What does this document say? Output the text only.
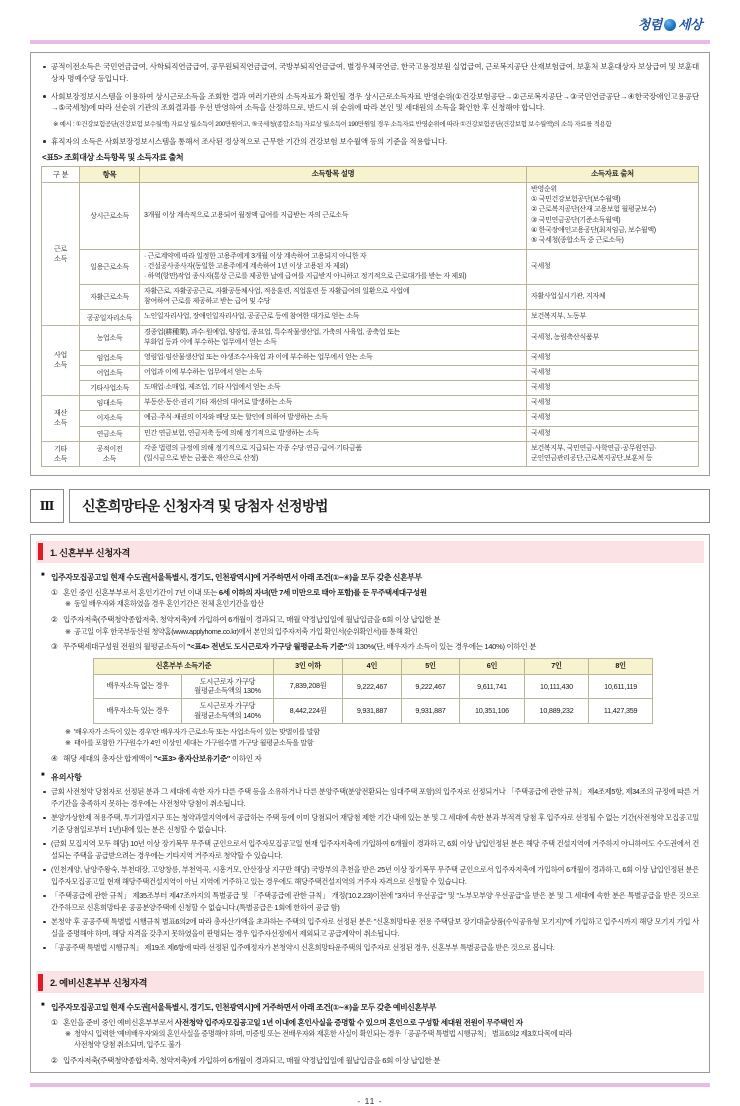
청렴 세상
공적이전소득은 국민연금급여, 사학퇴직연금급여, 공무원퇴직연금급여, 국방부퇴직연금급여, 별정우체국연금, 한국고용정보원 실업급여, 근로복지공단 산재보험급여, 보훈처 보훈대상자 보상급여 및 보훈대상자 명예수당 등입니다.
사회보장정보시스템을 이용하여 상시근로소득을 조회한 결과 여러기관의 소득자료가 확인될 경우 상시근로소득자료 반영순위(①건강보험공단→②근로복지공단→③국민연금공단→④한국장애인고용공단→⑤국세청)에 따라 선순위 기관의 조회결과를 우선 반영하여 소득을 산정하므로, 반드시 위 순위에 따라 본인 및 세대원의 소득을 확인한 후 신청해야 합니다.
※ 예시 : ①건강보험공단(건강보험 보수월액) 자료상 월소득이 200만원이고, ⑤국세청(종합소득) 자료상 월소득이 190만원일 경우 소득자료 반영순위에 따라 ①건강보험공단(건강보험 보수월액)의 소득 자료를 적용함
휴직자의 소득은 사회보장정보시스템을 통해서 조사된 정상적으로 근무한 기간의 건강보험 보수월액 등의 기준을 적용합니다.
<표5> 조회대상 소득항목 및 소득자료 출처
구 분	항목	소득항목 설명	소득자료 출처
근로
소득	상시근로소득	3개월 이상 계속적으로 고용되어 월정액 급여를 지급받는 자의 근로소득	반영순위
① 국민건강보험공단(보수월액)
② 근로복지공단(산재 고용보험 월평균보수)
③ 국민연금공단(기준소득월액)
④ 한국장애인고용공단(최저임금, 보수월액)
⑤ 국세청(종합소득 중 근로소득)
	일용근로소득	· 근로계약에 따라 일정한 고용주에게 3개월 이상 계속하여 고용되지 아니한 자
· 건설공사종사자(동일한 고용주에게 계속하여 1년 이상 고용된 자 제외)
· 하역(항만)작업 종사자(통상 근로를 제공한 날에 급여를 지급받지 아니하고 정기적으로 근로대가를 받는 자 제외)	국세청
	자활근로소득	자활근로, 자활공공근로, 자활공동체사업, 적응훈련, 직업훈련 등 자활급여의 일환으로 사업에
참여하여 근로를 제공하고 받는 급여 및 수당	자활사업실시기관, 지자체
	공공일자리소득	노인일자리사업, 장애인일자리사업, 공공근로 등에 참여한 대가로 얻는 소득	보건복지부, 노동부
사업
소득	농업소득	경종업(耕種業), 과수·원예업, 양잠업, 종묘업, 특수작물생산업, 가축의 사육업, 종축업 또는
부화업 등과 이에 부수하는 업무에서 얻는 소득	국세청, 농림축산식품부
	임업소득	영림업·임산물생산업 또는 야생조수사육업 과 이에 부수하는 업무에서 얻는 소득	국세청
	어업소득	어업과 이에 부수하는 업무에서 얻는 소득	국세청
	기타사업소득	도매업·소매업, 제조업, 기타 사업에서 얻는 소득	국세청
재산
소득	임대소득	부동산·동산·권리 기타 재산의 대여로 발생하는 소득	국세청
	이자소득	예금·주식·채권의 이자와 배당 또는 할인에 의하여 발생하는 소득	국세청
	연금소득	민간 연금보험, 연금저축 등에 의해 정기적으로 발생하는 소득	국세청
기타
소득	공적이전
소득	각종 법령의 규정에 의해 정기적으로 지급되는 각종 수당·연금·급여·기타금품
(일시금으로 받는 금품은 재산으로 산정)	보건복지부, 국민연금·사학연금·공무원연금·
군인연금관리공단,근로복지공단,보훈처 등
Ⅲ	신혼희망타운 신청자격 및 당첨자 선정방법
1. 신혼부부 신청자격
■ 입주자모집공고일 현재 수도권[서울특별시, 경기도, 인천광역시]에 거주하면서 아래 조건(①~④)을 모두 갖춘 신혼부부
① 혼인 중인 신혼부부로서 혼인기간이 7년 이내 또는 6세 이하의 자녀(만 7세 미만으로 태아 포함)를 둔 무주택세대구성원
※ 동일 배우자와 재혼하였을 경우 혼인기간은 전체 혼인기간을 합산
② 입주자저축(주택청약종합저축, 청약저축)에 가입하여 6개월이 경과되고, 매월 약정납입일에 월납입금을 6회 이상 납입한 분
※ 공고일 이후 한국부동산원 청약홈(www.applyhome.co.kr)에서 본인의 입주자저축 가입 확인서(순위확인서)를 통해 확인
③ 무주택세대구성원 전원의 월평균소득이 "<표4> 전년도 도시근로자 가구당 월평균소득 기준"의 130%(단, 배우자가 소득이 있는 경우에는 140%) 이하인 분
신혼부부 소득기준		3인 이하	4인	5인	6인	7인	8인
배우자소득 없는 경우	도시근로자 가구당
월평균소득액의 130%	7,839,208원	9,222,467	9,222,467	9,611,741	10,111,430	10,611,119
배우자소득 있는 경우	도시근로자 가구당
월평균소득액의 140%	8,442,224원	9,931,887	9,931,887	10,351,106	10,889,232	11,427,359
※ '배우자가 소득이 있는 경우'란 배우자가 근로소득 또는 사업소득이 있는 맞벌이를 말함
※ 태아를 포함한 가구원수가 4인 이상인 세대는 가구원수별 가구당 월평균소득을 말함
④ 해당 세대의 총자산 합계액이 "<표3> 총자산보유기준" 이하인 자
■ 유의사항
금회 사전청약 당첨자로 선정된 분과 그 세대에 속한 자가 다른 주택 등을 소유하거나 다른 분양주택(분양전환되는 임대주택 포함)의 입주자로 선정되거나 「주택공급에 관한 규칙」 제4조제5항, 제34조의 규정에 따른 거주기간을 충족하지 못하는 경우에는 사전청약 당첨이 취소됩니다.
분양가상한제 적용주택, 투기과열지구 또는 청약과열지역에서 공급하는 주택 등에 이미 당첨되어 재당첨 제한 기간 내에 있는 분 및 그 세대에 속한 분과 부적격 당첨 후 입주자로 선정될 수 없는 기간(사전청약 모집공고일 기준 당첨일로부터 1년)내에 있는 분은 신청할 수 없습니다.
(금회 모집지역 모두 해당) 10년 이상 장기복무 무주택 군인으로서 입주자모집공고일 현재 입주자저축에 가입하여 6개월이 경과하고, 6회 이상 납입인정된 분은 해당 주택 건설지역에 거주하지 아니하여도 수도권에서 건설되는 주택을 공급받으려는 경우에는 기타지역 거주자로 청약할 수 있습니다.
(인천계양, 남양주왕숙, 부천대장, 고양창릉, 부천역곡, 시흥거모, 안산장상 지구만 해당) 국방부의 추천을 받은 25년 이상 장기복무 무주택 군인으로서 입주자저축에 가입하여 6개월이 경과하고, 6회 이상 납입인정된 분은 입주자모집공고일 현재 해당주택건설지역이 아닌 지역에 거주하고 있는 경우에도 해당주택건설지역의 거주자 자격으로 신청할 수 있습니다.
「주택공급에 관한 규칙」 제35조부터 제47조까지의 특별공급 및 「주택공급에 관한 규칙」 개정('10.2.23)이전에 "3자녀 우선공급" 및 "노부모부양 우선공급"을 받은 분 및 그 세대에 속한 분은 특별공급을 받은 것으로 간주하므로 신혼희망타운 공공분양주택에 신청할 수 없습니다.(특별공급은 1회에 한하여 공급 함)
본청약 후 공공주택 특별법 시행규칙 별표6의2에 따라 총자산가액을 초과하는 주택의 입주자로 선정된 분은 "신혼희망타운 전용 주택담보 장기대출상품(수익공유형 모기지)"에 가입하고 입주시까지 해당 모기지 가입 사실을 증명해야 하며, 해당 자격을 갖추지 못하였을이 판명되는 경우 입주자선정에서 제외되고 공급계약이 취소됩니다.
「공공주택 특별법 시행규칙」 제19조 제6항에 따라 선정된 입주예정자가 본청약시 신혼희망타운주택의 입주자로 선정된 경우, 신혼부부 특별공급을 받은 것으로 봅니다.
2. 예비신혼부부 신청자격
■ 입주자모집공고일 현재 수도권[서울특별시, 경기도, 인천광역시]에 거주하면서 아래 조건(①~④)을 모두 갖춘 예비신혼부부
① 혼인을 준비 중인 예비신혼부부로서 사전청약 입주자모집공고일 1년 이내에 혼인사실을 증명할 수 있으며 혼인으로 구성할 세대원 전원이 무주택인 자
※ 청약시 입력한 '예비배우자'와의 혼인사실을 증명해야 하며, 미증빙 또는 전배우자와 재혼한 사실이 확인되는 경우「공공주택 특별법 시행규칙」 별표6의2 제3호다목에 따라
사전청약 당첨 취소되며, 입주도 불가
② 입주자저축(주택청약종합저축, 청약저축)에 가입하여 6개월이 경과되고, 매월 약정납입일에 월납입금을 6회 이상 납입한 분
- 11 -
